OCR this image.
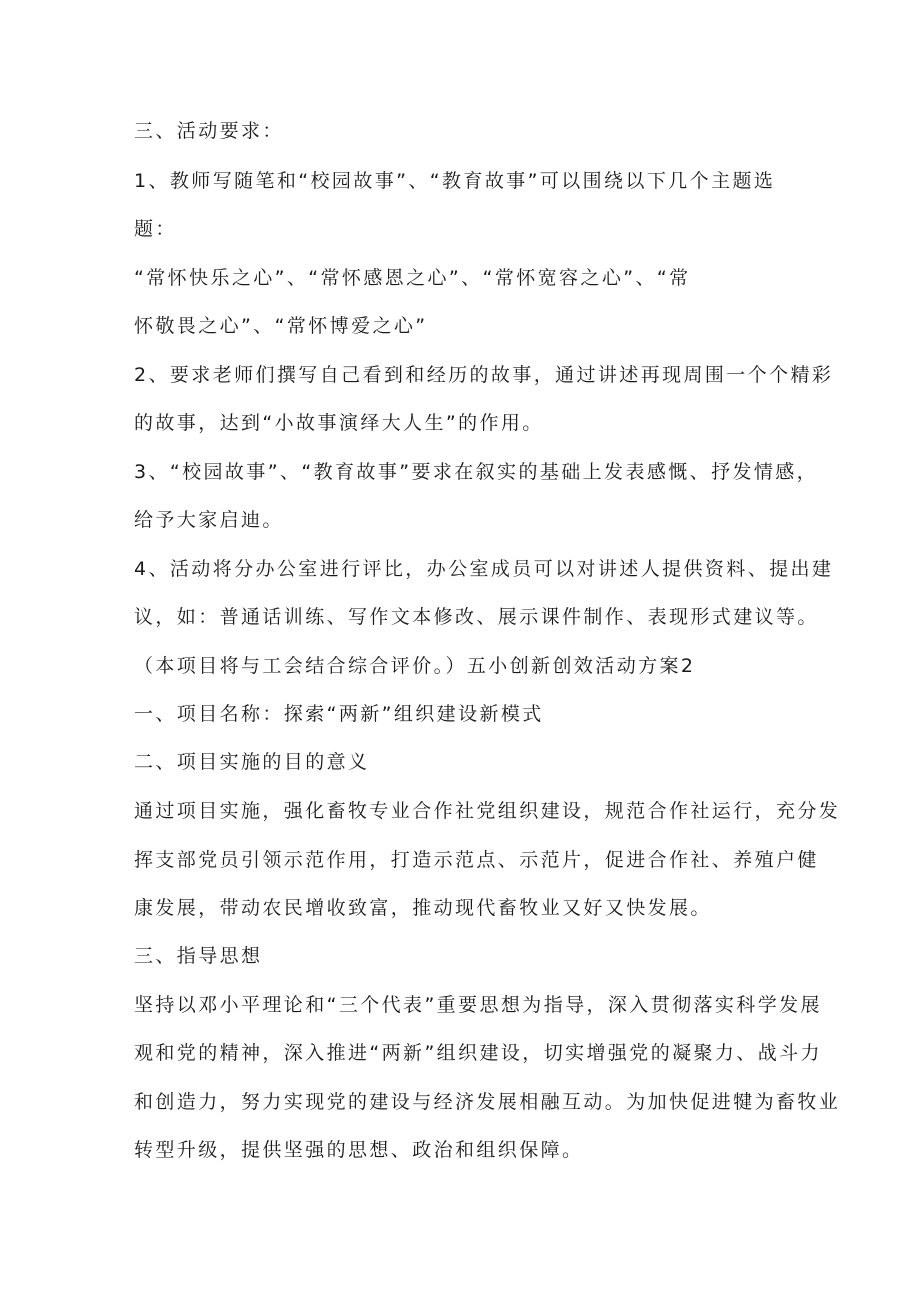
三、活动要求：
1、教师写随笔和“校园故事”、“教育故事”可以围绕以下几个主题选
题：
“常怀快乐之心”、“常怀感恩之心”、“常怀宽容之心”、“常
怀敬畏之心”、“常怀博爱之心”
2、要求老师们撰写自己看到和经历的故事，通过讲述再现周围一个个精彩
的故事，达到“小故事演绎大人生”的作用。
3、“校园故事”、“教育故事”要求在叙实的基础上发表感慨、抒发情感，
给予大家启迪。
4、活动将分办公室进行评比，办公室成员可以对讲述人提供资料、提出建
议，如：普通话训练、写作文本修改、展示课件制作、表现形式建议等。
（本项目将与工会结合综合评价。）五小创新创效活动方案2
一、项目名称：探索“两新”组织建设新模式
二、项目实施的目的意义
通过项目实施，强化畜牧专业合作社党组织建设，规范合作社运行，充分发
挥支部党员引领示范作用，打造示范点、示范片，促进合作社、养殖户健
康发展，带动农民增收致富，推动现代畜牧业又好又快发展。
三、指导思想
坚持以邓小平理论和“三个代表”重要思想为指导，深入贯彻落实科学发展
观和党的精神，深入推进“两新”组织建设，切实增强党的凝聚力、战斗力
和创造力，努力实现党的建设与经济发展相融互动。为加快促进犍为畜牧业
转型升级，提供坚强的思想、政治和组织保障。
